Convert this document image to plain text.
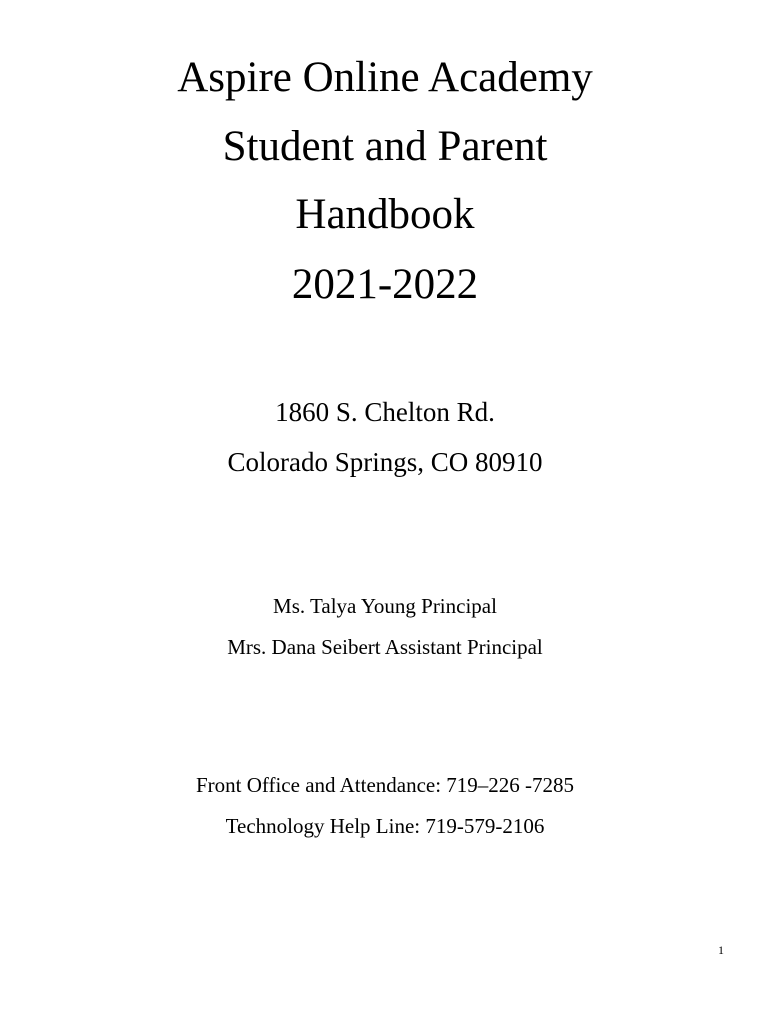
Aspire Online Academy
Student and Parent
Handbook
2021-2022
1860 S. Chelton Rd.
Colorado Springs, CO 80910
Ms. Talya Young Principal
Mrs. Dana Seibert Assistant Principal
Front Office and Attendance: 719–226 -7285
Technology Help Line: 719-579-2106
1
